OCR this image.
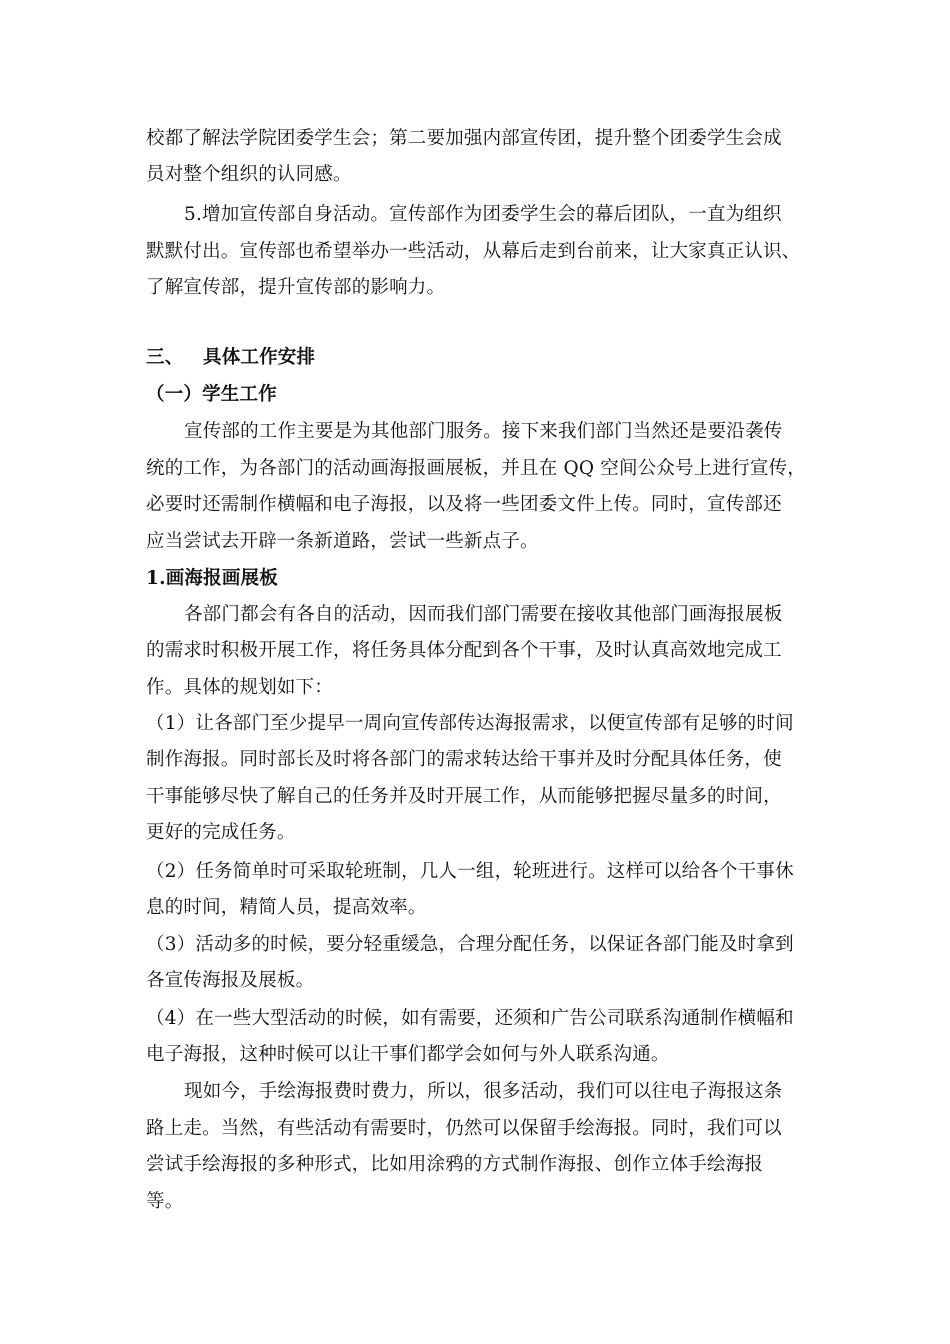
校都了解法学院团委学生会；第二要加强内部宣传团，提升整个团委学生会成
员对整个组织的认同感。
5.增加宣传部自身活动。宣传部作为团委学生会的幕后团队，一直为组织
默默付出。宣传部也希望举办一些活动，从幕后走到台前来，让大家真正认识、
了解宣传部，提升宣传部的影响力。
三、 具体工作安排
（一）学生工作
宣传部的工作主要是为其他部门服务。接下来我们部门当然还是要沿袭传
统的工作，为各部门的活动画海报画展板，并且在 QQ 空间公众号上进行宣传，
必要时还需制作横幅和电子海报，以及将一些团委文件上传。同时，宣传部还
应当尝试去开辟一条新道路，尝试一些新点子。
1.画海报画展板
各部门都会有各自的活动，因而我们部门需要在接收其他部门画海报展板
的需求时积极开展工作，将任务具体分配到各个干事，及时认真高效地完成工
作。具体的规划如下：
（1）让各部门至少提早一周向宣传部传达海报需求，以便宣传部有足够的时间
制作海报。同时部长及时将各部门的需求转达给干事并及时分配具体任务，使
干事能够尽快了解自己的任务并及时开展工作，从而能够把握尽量多的时间，
更好的完成任务。
（2）任务简单时可采取轮班制，几人一组，轮班进行。这样可以给各个干事休
息的时间，精简人员，提高效率。
（3）活动多的时候，要分轻重缓急，合理分配任务，以保证各部门能及时拿到
各宣传海报及展板。
（4）在一些大型活动的时候，如有需要，还须和广告公司联系沟通制作横幅和
电子海报，这种时候可以让干事们都学会如何与外人联系沟通。
现如今，手绘海报费时费力，所以，很多活动，我们可以往电子海报这条
路上走。当然，有些活动有需要时，仍然可以保留手绘海报。同时，我们可以
尝试手绘海报的多种形式，比如用涂鸦的方式制作海报、创作立体手绘海报
等。
